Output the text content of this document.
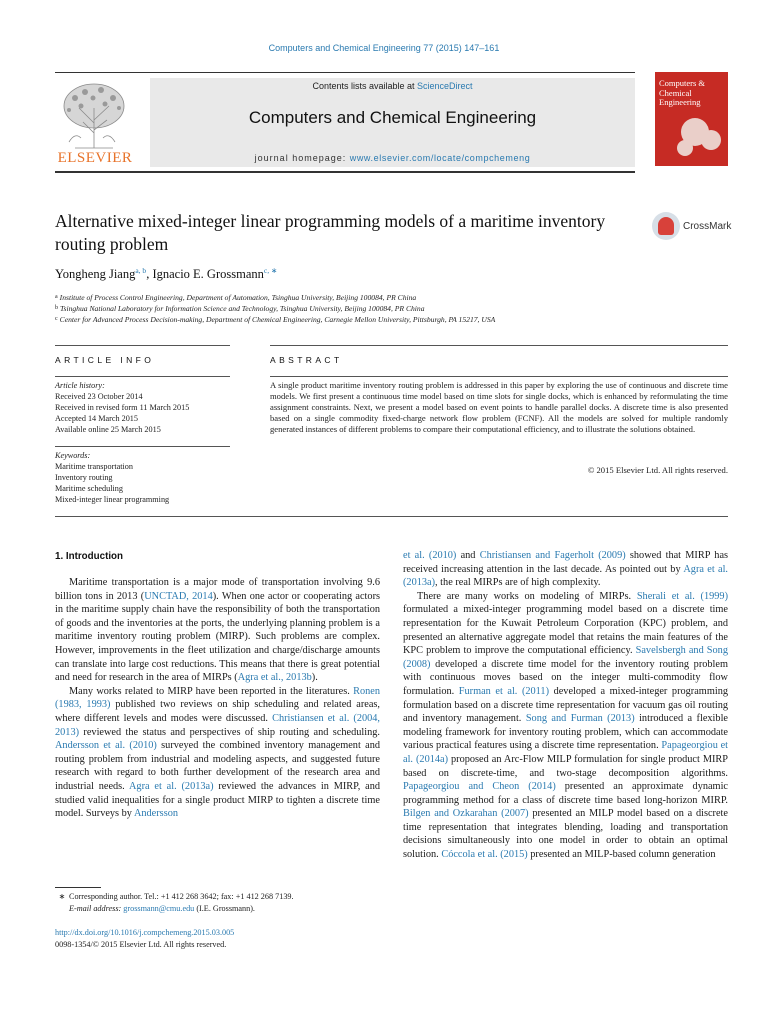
Computers and Chemical Engineering 77 (2015) 147–161
ELSEVIER
Contents lists available at ScienceDirect
Computers and Chemical Engineering
journal homepage: www.elsevier.com/locate/compchemeng
Computers & Chemical Engineering
Alternative mixed-integer linear programming models of a maritime inventory routing problem
CrossMark
Yongheng Jiang$^{a, b}$, Ignacio E. Grossmann$^{c, ∗}$
$^a$ Institute of Process Control Engineering, Department of Automation, Tsinghua University, Beijing 100084, PR China
$^b$ Tsinghua National Laboratory for Information Science and Technology, Tsinghua University, Beijing 100084, PR China
$^c$ Center for Advanced Process Decision-making, Department of Chemical Engineering, Carnegie Mellon University, Pittsburgh, PA 15217, USA
ARTICLE INFO	ABSTRACT
Article history:
Received 23 October 2014
Received in revised form 11 March 2015
Accepted 14 March 2015
Available online 25 March 2015
Keywords:
Maritime transportation
Inventory routing
Maritime scheduling
Mixed-integer linear programming
A single product maritime inventory routing problem is addressed in this paper by exploring the use of continuous and discrete time models. We first present a continuous time model based on time slots for single docks, which is enhanced by reformulating the time assignment constraints. Next, we present a model based on event points to handle parallel docks. A discrete time is also presented based on a single commodity fixed-charge network flow problem (FCNF). All the models are solved for multiple randomly generated instances of different problems to compare their computational efficiency, and to illustrate the solutions obtained.
© 2015 Elsevier Ltd. All rights reserved.
1. Introduction

Maritime transportation is a major mode of transportation involving 9.6 billion tons in 2013 (UNCTAD, 2014). When one actor or cooperating actors in the maritime supply chain have the responsibility of both the transportation of goods and the inventories at the ports, the underlying planning problem is a maritime inventory routing problem (MIRP). Such problems are complex. However, improvements in the fleet utilization and charge/discharge amounts can translate into large cost reductions. This means that there is great potential and need for research in the area of MIRPs (Agra et al., 2013b).

Many works related to MIRP have been reported in the literatures. Ronen (1983, 1993) published two reviews on ship scheduling and related areas, where different levels and modes were discussed. Christiansen et al. (2004, 2013) reviewed the status and perspectives of ship routing and scheduling. Andersson et al. (2010) surveyed the combined inventory management and routing problem from industrial and modeling aspects, and suggested future research with regard to both further development of the research area and industrial needs. Agra et al. (2013a) reviewed the advances in MIRP, and studied valid inequalities for a single product MIRP to tighten a discrete time model. Surveys by Andersson

et al. (2010) and Christiansen and Fagerholt (2009) showed that MIRP has received increasing attention in the last decade. As pointed out by Agra et al. (2013a), the real MIRPs are of high complexity.

There are many works on modeling of MIRPs. Sherali et al. (1999) formulated a mixed-integer programming model based on a discrete time representation for the Kuwait Petroleum Corporation (KPC) problem, and presented an alternative aggregate model that retains the main features of the KPC problem to improve the computational efficiency. Savelsbergh and Song (2008) developed a discrete time model for the inventory routing problem with continuous moves based on the integer multi-commodity flow formulation. Furman et al. (2011) developed a mixed-integer programming formulation based on a discrete time representation for vacuum gas oil routing and inventory management. Song and Furman (2013) introduced a flexible modeling framework for inventory routing problem, which can accommodate various practical features using a discrete time representation. Papageorgiou et al. (2014a) proposed an Arc-Flow MILP formulation for single product MIRP based on discrete-time, and two-stage decomposition algorithms. Papageorgiou and Cheon (2014) presented an approximate dynamic programming method for a class of discrete time based long-horizon MIRP. Bilgen and Ozkarahan (2007) presented an MILP model based on a discrete time representation that integrates blending, loading and transportation decisions simultaneously into one model in order to obtain an optimal solution. Cóccola et al. (2015) presented an MILP-based column generation

∗ Corresponding author. Tel.: +1 412 268 3642; fax: +1 412 268 7139.
E-mail address: grossmann@cmu.edu (I.E. Grossmann).
http://dx.doi.org/10.1016/j.compchemeng.2015.03.005
0098-1354/© 2015 Elsevier Ltd. All rights reserved.
